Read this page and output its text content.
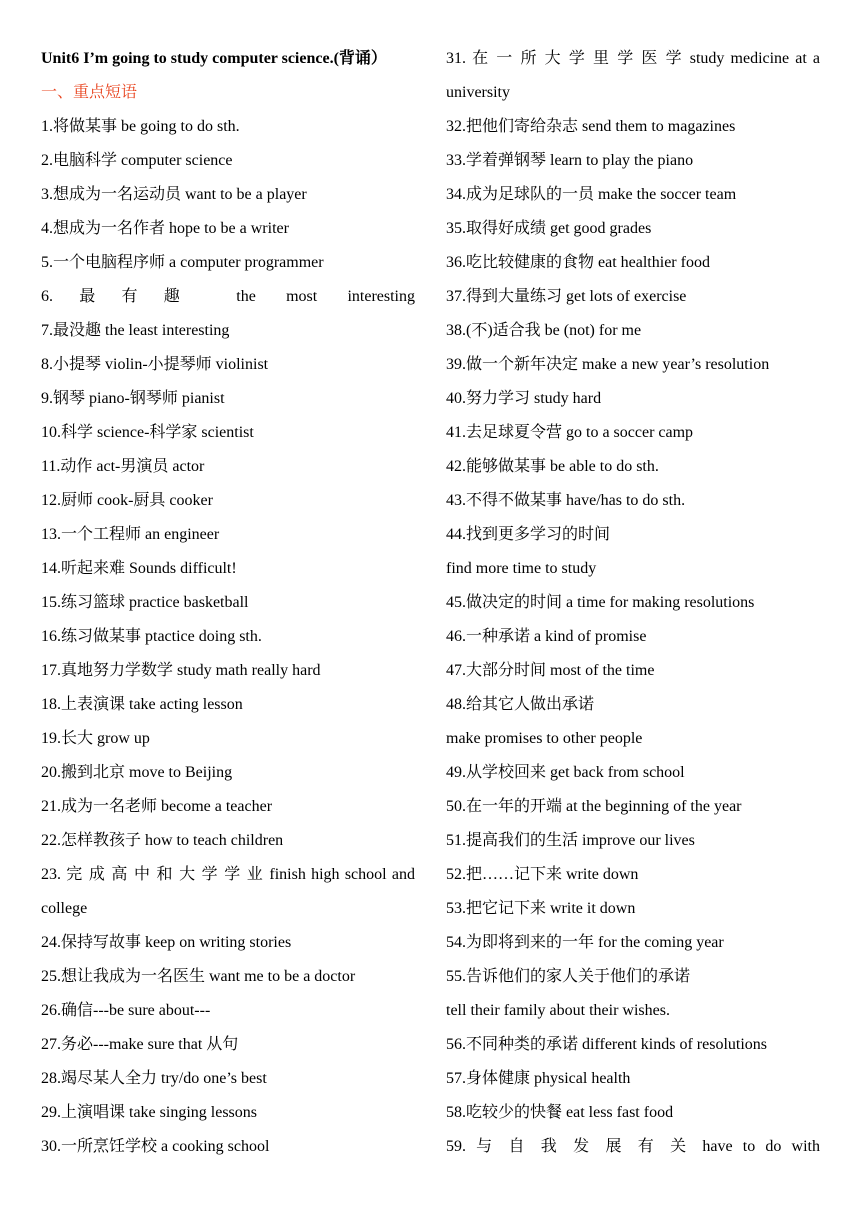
Unit6 I’m going to study computer science.(背诵）
一、重点短语
1.将做某事 be going to do sth.
2.电脑科学 computer science
3.想成为一名运动员 want to be a player
4.想成为一名作者 hope to be a writer
5.一个电脑程序师 a computer programmer
6.最有趣 the most interesting
7.最没趣 the least interesting
8.小提琴 violin-小提琴师 violinist
9.钢琴 piano-钢琴师 pianist
10.科学 science-科学家 scientist
11.动作 act-男演员 actor
12.厨师 cook-厨具 cooker
13.一个工程师 an engineer
14.听起来难 Sounds difficult!
15.练习篮球 practice basketball
16.练习做某事 ptactice doing sth.
17.真地努力学数学 study math really hard
18.上表演课 take acting lesson
19.长大 grow up
20.搬到北京 move to Beijing
21.成为一名老师 become a teacher
22.怎样教孩子 how to teach children
23. 完 成 高 中 和 大 学 学 业 finish high school and
college
24.保持写故事 keep on writing stories
25.想让我成为一名医生 want me to be a doctor
26.确信---be sure about---
27.务必---make sure that 从句
28.竭尽某人全力 try/do one’s best
29.上演唱课 take singing lessons
30.一所烹饪学校 a cooking school
31. 在 一 所 大 学 里 学 医 学 study medicine at a
university
32.把他们寄给杂志 send them to magazines
33.学着弹钢琴 learn to play the piano
34.成为足球队的一员 make the soccer team
35.取得好成绩 get good grades
36.吃比较健康的食物 eat healthier food
37.得到大量练习 get lots of exercise
38.(不)适合我 be (not) for me
39.做一个新年决定 make a new year’s resolution
40.努力学习 study hard
41.去足球夏令营 go to a soccer camp
42.能够做某事 be able to do sth.
43.不得不做某事 have/has to do sth.
44.找到更多学习的时间
find more time to study
45.做决定的时间 a time for making resolutions
46.一种承诺 a kind of promise
47.大部分时间 most of the time
48.给其它人做出承诺
make promises to other people
49.从学校回来 get back from school
50.在一年的开端 at the beginning of the year
51.提高我们的生活 improve our lives
52.把……记下来 write down
53.把它记下来 write it down
54.为即将到来的一年 for the coming year
55.告诉他们的家人关于他们的承诺
tell their family about their wishes.
56.不同种类的承诺 different kinds of resolutions
57.身体健康 physical health
58.吃较少的快餐 eat less fast food
59. 与 自 我 发 展 有 关 have to do with
